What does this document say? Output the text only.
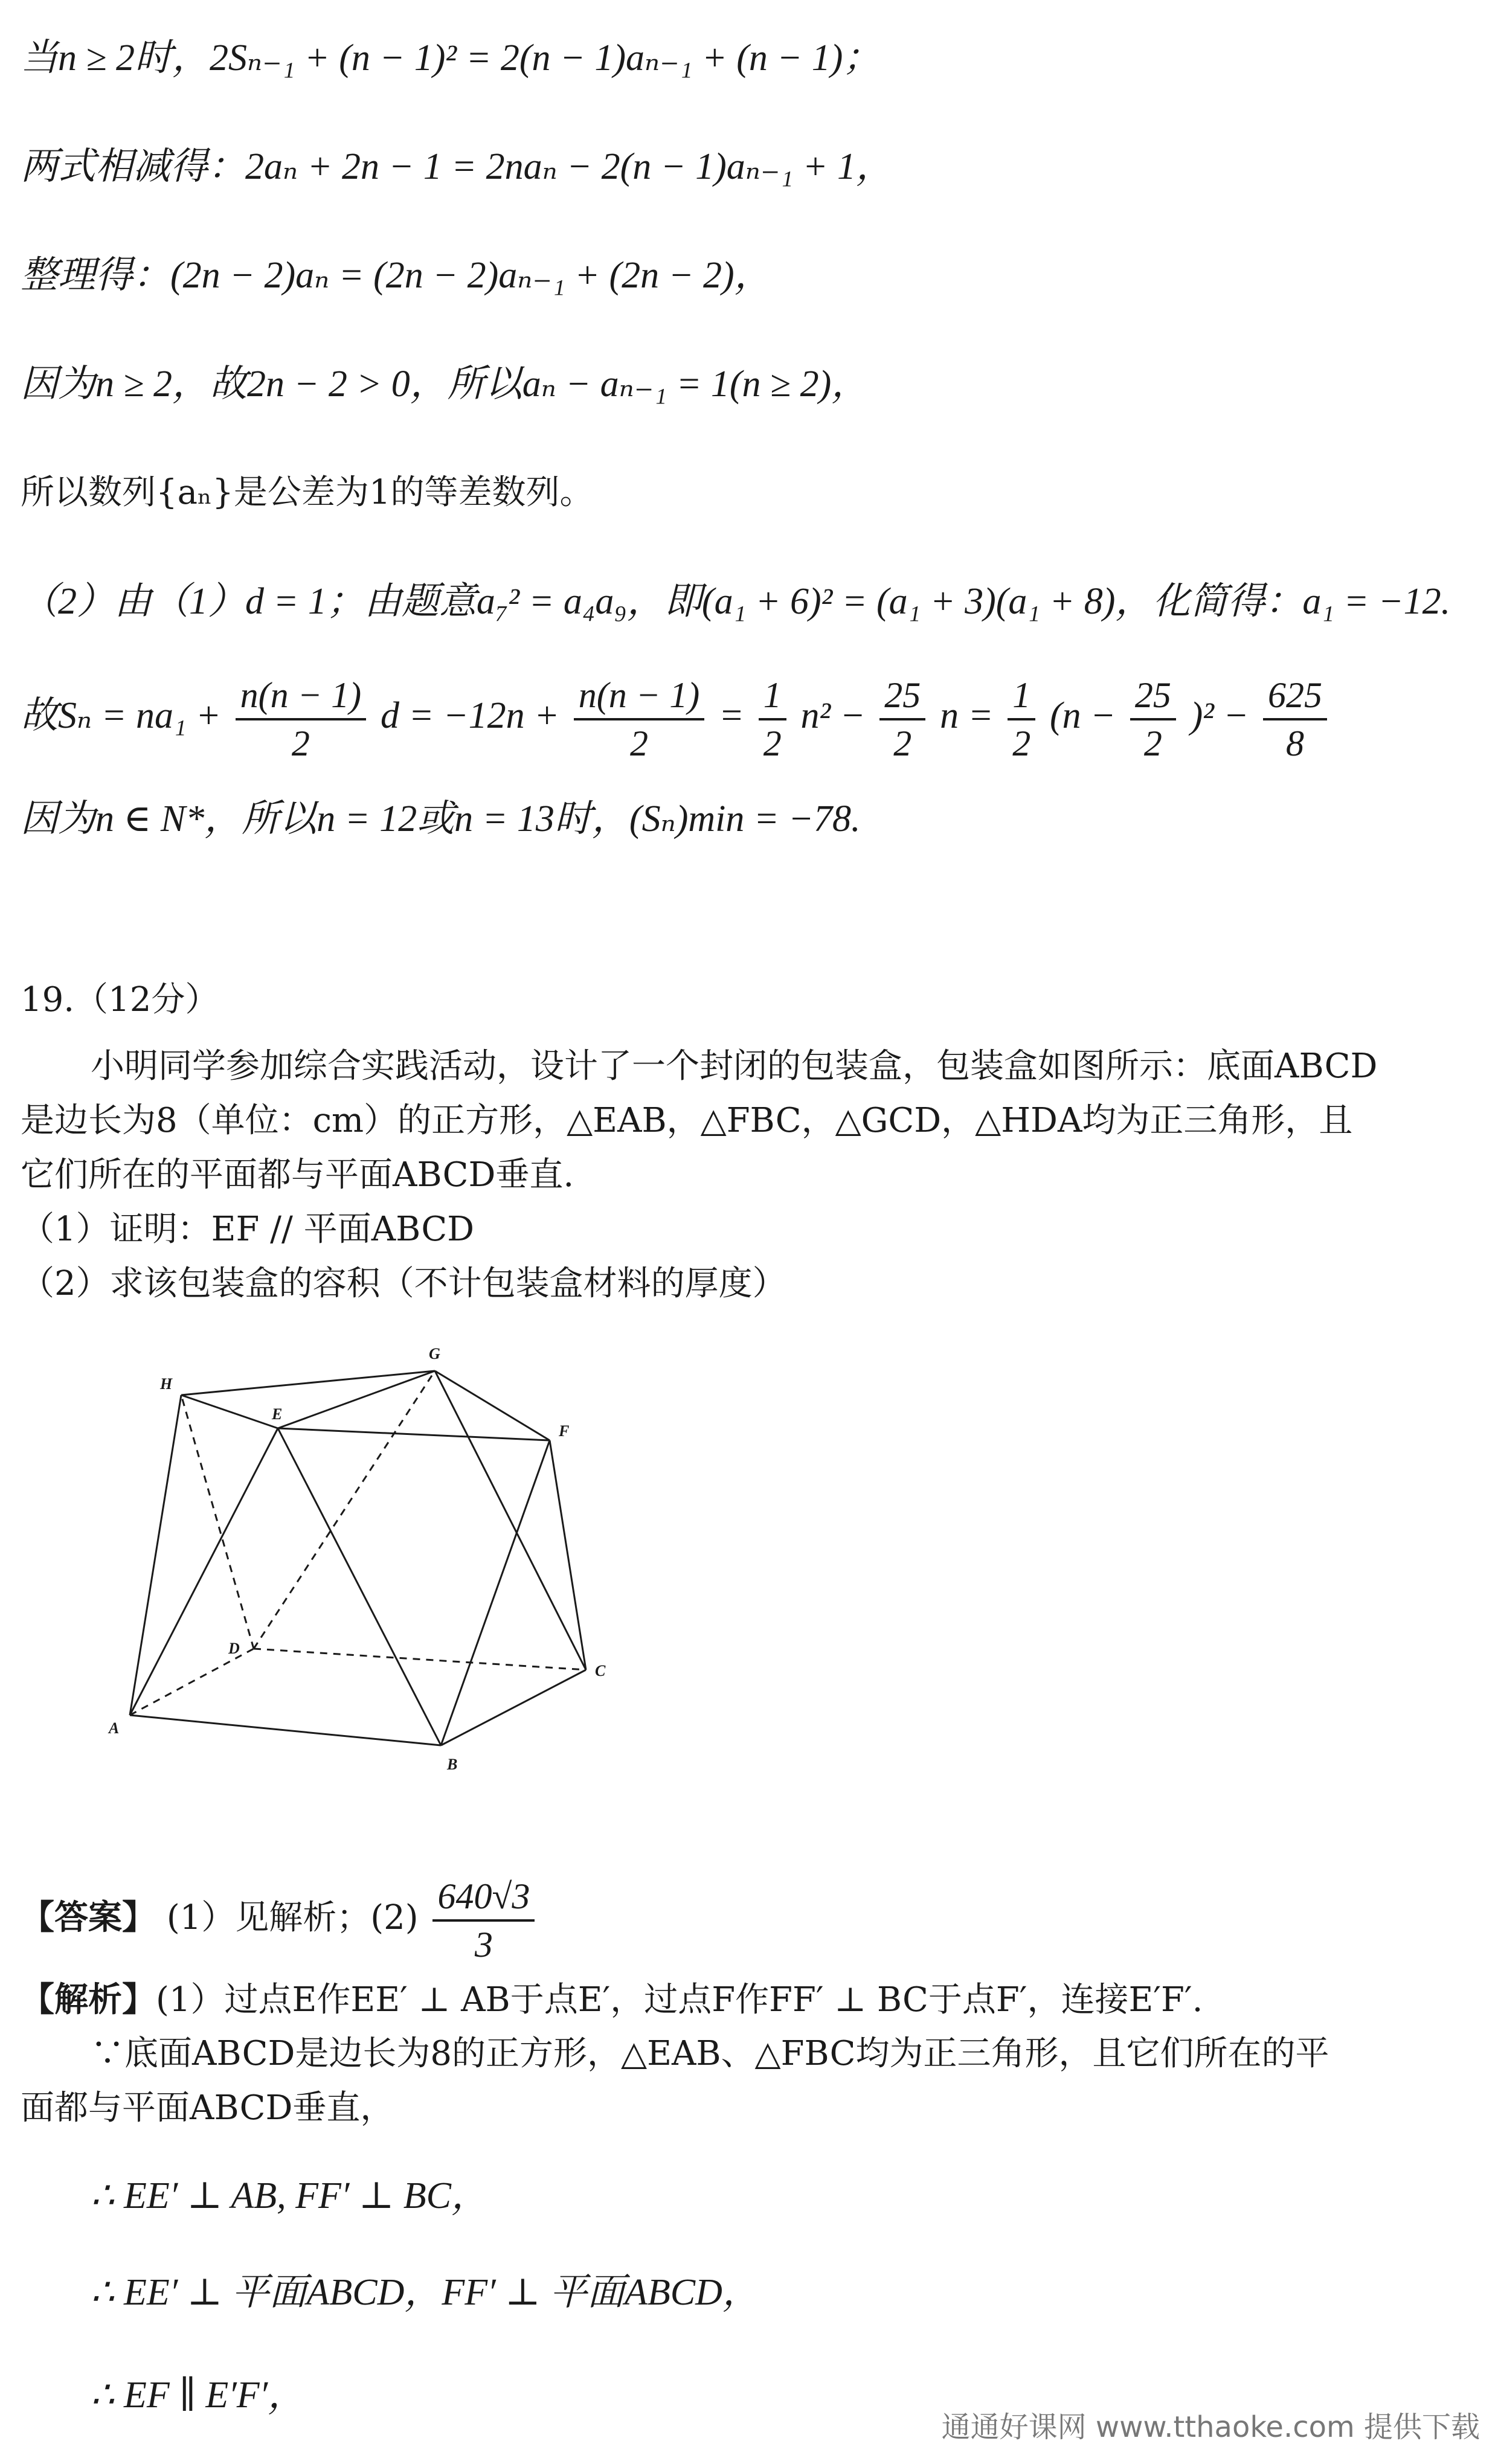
当n ≥ 2时，2Sₙ₋₁ + (n − 1)² = 2(n − 1)aₙ₋₁ + (n − 1)；
两式相减得：2aₙ + 2n − 1 = 2naₙ − 2(n − 1)aₙ₋₁ + 1，
整理得：(2n − 2)aₙ = (2n − 2)aₙ₋₁ + (2n − 2)，
因为n ≥ 2，故2n − 2 > 0，所以aₙ − aₙ₋₁ = 1(n ≥ 2)，
所以数列{aₙ}是公差为1的等差数列。
（2）由（1）d = 1；由题意a₇² = a₄a₉，即(a₁ + 6)² = (a₁ + 3)(a₁ + 8)，化简得：a₁ = −12.
故$S_n = na_1 + \frac{n(n - 1)}{2}$ $d = -12n + \frac{n(n - 1)}{2} = \frac{1}{2} n^2 - \frac{25}{2}$ $n = \frac{1}{2} (n - \frac{25}{2} )^2 - \frac{625}{8}$
因为n ∈ N*，所以n = 12或n = 13时，(Sₙ)min = −78.
19.（12分）
小明同学参加综合实践活动，设计了一个封闭的包装盒，包装盒如图所示：底面ABCD
是边长为8（单位：cm）的正方形，△EAB，△FBC，△GCD，△HDA均为正三角形，且
它们所在的平面都与平面ABCD垂直.
（1）证明：EF // 平面ABCD
（2）求该包装盒的容积（不计包装盒材料的厚度）
A
B
C
D
E
F
G
H
【答案】 (1）见解析；$(2) \frac{640√3}{3}$
【解析】(1）过点E作EE′ ⊥ AB于点E′，过点F作FF′ ⊥ BC于点F′，连接E′F′.
∵底面ABCD是边长为8的正方形，△EAB、△FBC均为正三角形，且它们所在的平
面都与平面ABCD垂直，
∴ EE′ ⊥ AB, FF′ ⊥ BC，
∴ EE′ ⊥ 平面ABCD，FF′ ⊥ 平面ABCD，
∴ EF ∥ E′F′，
通通好课网 www.tthaoke.com 提供下载
